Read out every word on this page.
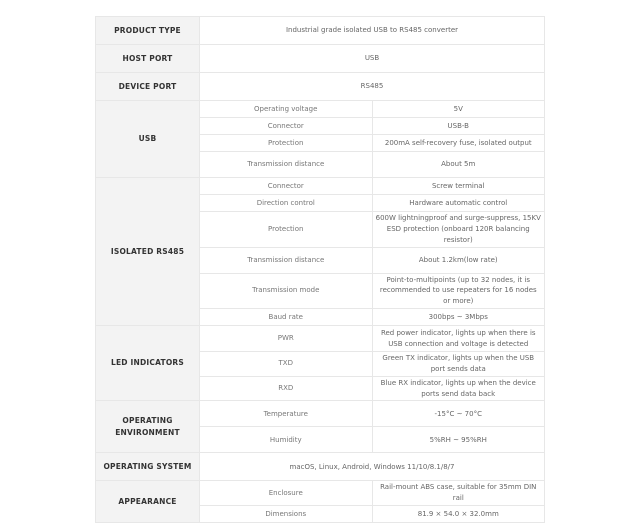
PRODUCT TYPE	Industrial grade isolated USB to RS485 converter	
HOST PORT	USB	
DEVICE PORT	RS485	
USB	Operating voltage	5V
	Connector	USB-B
	Protection	200mA self-recovery fuse, isolated output
	Transmission distance	About 5m
ISOLATED RS485	Connector	Screw terminal
	Direction control	Hardware automatic control
	Protection	600W lightningproof and surge-suppress, 15KV ESD protection (onboard 120R balancing resistor)
	Transmission distance	About 1.2km(low rate)
	Transmission mode	Point-to-multipoints (up to 32 nodes, it is recommended to use repeaters for 16 nodes or more)
	Baud rate	300bps ~ 3Mbps
LED INDICATORS	PWR	Red power indicator, lights up when there is USB connection and voltage is detected
	TXD	Green TX indicator, lights up when the USB port sends data
	RXD	Blue RX indicator, lights up when the device ports send data back
OPERATING ENVIRONMENT	Temperature	-15°C ~ 70°C
	Humidity	5%RH ~ 95%RH
OPERATING SYSTEM	macOS, Linux, Android, Windows 11/10/8.1/8/7	
APPEARANCE	Enclosure	Rail-mount ABS case, suitable for 35mm DIN rail
	Dimensions	81.9 × 54.0 × 32.0mm
